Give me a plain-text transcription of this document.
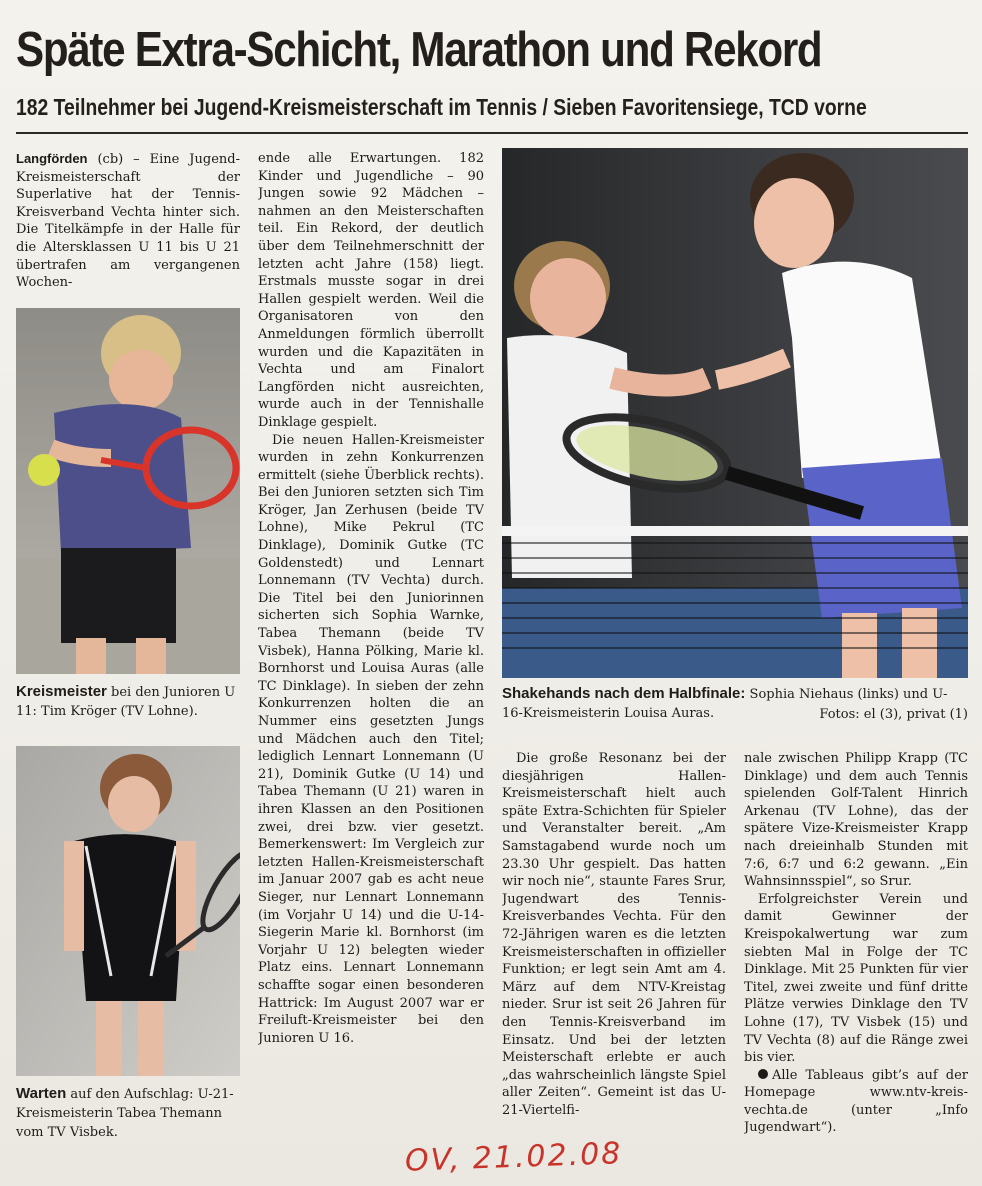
Späte Extra-Schicht, Marathon und Rekord
182 Teilnehmer bei Jugend-Kreismeisterschaft im Tennis / Sieben Favoritensiege, TCD vorne

Langförden (cb) – Eine Jugend-Kreismeisterschaft der Superlative hat der Tennis-Kreisverband Vechta hinter sich. Die Titelkämpfe in der Halle für die Altersklassen U 11 bis U 21 übertrafen am vergangenen Wochen-

Kreismeister bei den Junioren U 11: Tim Kröger (TV Lohne).
Warten auf den Aufschlag: U-21-Kreismeisterin Tabea Themann vom TV Visbek.

ende alle Erwartungen. 182 Kinder und Jugendliche – 90 Jungen sowie 92 Mädchen – nahmen an den Meisterschaften teil. Ein Rekord, der deutlich über dem Teilnehmerschnitt der letzten acht Jahre (158) liegt. Erstmals musste sogar in drei Hallen gespielt werden. Weil die Organisatoren von den Anmeldungen förmlich überrollt wurden und die Kapazitäten in Vechta und am Finalort Langförden nicht ausreichten, wurde auch in der Tennishalle Dinklage gespielt.

Die neuen Hallen-Kreismeister wurden in zehn Konkurrenzen ermittelt (siehe Überblick rechts). Bei den Junioren setzten sich Tim Kröger, Jan Zerhusen (beide TV Lohne), Mike Pekrul (TC Dinklage), Dominik Gutke (TC Goldenstedt) und Lennart Lonnemann (TV Vechta) durch. Die Titel bei den Juniorinnen sicherten sich Sophia Warnke, Tabea Themann (beide TV Visbek), Hanna Pölking, Marie kl. Bornhorst und Louisa Auras (alle TC Dinklage). In sieben der zehn Konkurrenzen holten die an Nummer eins gesetzten Jungs und Mädchen auch den Titel; lediglich Lennart Lonnemann (U 21), Dominik Gutke (U 14) und Tabea Themann (U 21) waren in ihren Klassen an den Positionen zwei, drei bzw. vier gesetzt. Bemerkenswert: Im Vergleich zur letzten Hallen-Kreismeisterschaft im Januar 2007 gab es acht neue Sieger, nur Lennart Lonnemann (im Vorjahr U 14) und die U-14-Siegerin Marie kl. Bornhorst (im Vorjahr U 12) belegten wieder Platz eins. Lennart Lonnemann schaffte sogar einen besonderen Hattrick: Im August 2007 war er Freiluft-Kreismeister bei den Junioren U 16.

Shakehands nach dem Halbfinale: Sophia Niehaus (links) und U-16-Kreismeisterin Louisa Auras.	Fotos: el (3), privat (1)

Die große Resonanz bei der diesjährigen Hallen-Kreismeisterschaft hielt auch späte Extra-Schichten für Spieler und Veranstalter bereit. „Am Samstagabend wurde noch um 23.30 Uhr gespielt. Das hatten wir noch nie“, staunte Fares Srur, Jugendwart des Tennis-Kreisverbandes Vechta. Für den 72-Jährigen waren es die letzten Kreismeisterschaften in offizieller Funktion; er legt sein Amt am 4. März auf dem NTV-Kreistag nieder. Srur ist seit 26 Jahren für den Tennis-Kreisverband im Einsatz. Und bei der letzten Meisterschaft erlebte er auch „das wahrscheinlich längste Spiel aller Zeiten“. Gemeint ist das U-21-Viertelfi-

nale zwischen Philipp Krapp (TC Dinklage) und dem auch Tennis spielenden Golf-Talent Hinrich Arkenau (TV Lohne), das der spätere Vize-Kreismeister Krapp nach dreieinhalb Stunden mit 7:6, 6:7 und 6:2 gewann. „Ein Wahnsinnsspiel“, so Srur.

Erfolgreichster Verein und damit Gewinner der Kreispokalwertung war zum siebten Mal in Folge der TC Dinklage. Mit 25 Punkten für vier Titel, zwei zweite und fünf dritte Plätze verwies Dinklage den TV Lohne (17), TV Visbek (15) und TV Vechta (8) auf die Ränge zwei bis vier.

Alle Tableaus gibt’s auf der Homepage www.ntv-kreis-vechta.de (unter „Info Jugendwart“).

OV, 21.02.08
